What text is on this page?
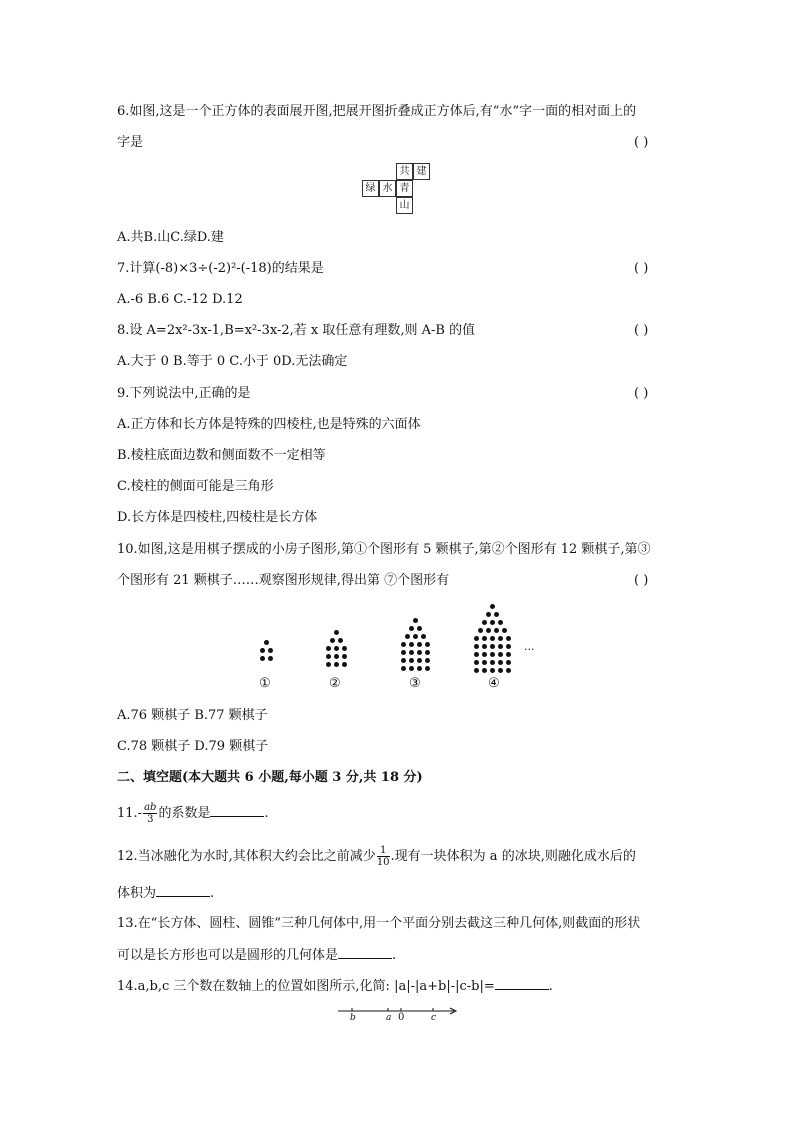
6.如图,这是一个正方体的表面展开图,把展开图折叠成正方体后,有“水”字一面的相对面上的
字是	( )
共 建
绿 水 青
山
A.共B.山C.绿D.建
7.计算(-8)×3÷(-2)²-(-18)的结果是	( )
A.-6 B.6 C.-12 D.12
8.设 A=2x²-3x-1,B=x²-3x-2,若 x 取任意有理数,则 A-B 的值	( )
A.大于 0 B.等于 0 C.小于 0D.无法确定
9.下列说法中,正确的是	( )
A.正方体和长方体是特殊的四棱柱,也是特殊的六面体
B.棱柱底面边数和侧面数不一定相等
C.棱柱的侧面可能是三角形
D.长方体是四棱柱,四棱柱是长方体
10.如图,这是用棋子摆成的小房子图形,第①个图形有 5 颗棋子,第②个图形有 12 颗棋子,第③
个图形有 21 颗棋子……观察图形规律,得出第 ⑦个图形有	( )
①	②	③	④
...
A.76 颗棋子 B.77 颗棋子
C.78 颗棋子 D.79 颗棋子
二、填空题(本大题共 6 小题,每小题 3 分,共 18 分)
$11.- \frac{ab}{3}$ 的系数是	.
12.当冰融化为水时,其体积大约会比之前减少 $\frac{1}{10}$ .现有一块体积为 a 的冰块,则融化成水后的
体积为	.
13.在“长方体、圆柱、圆锥”三种几何体中,用一个平面分别去截这三种几何体,则截面的形状
可以是长方形也可以是圆形的几何体是	.
14.a,b,c 三个数在数轴上的位置如图所示,化简: |a|-|a+b|-|c-b|=	.
b	a 0	c
